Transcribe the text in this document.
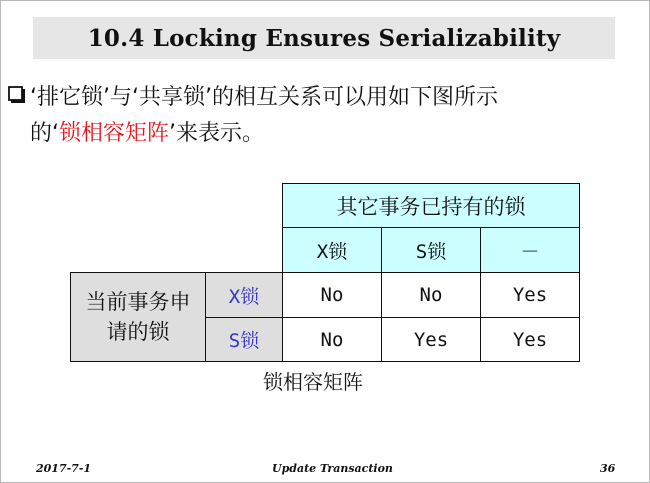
10.4 Locking Ensures Serializability
‘排它锁’与‘共享锁’的相互关系可以用如下图所示
的‘锁相容矩阵’来表示。
其它事务已持有的锁
X锁	S锁	－
当前事务申请的锁
X锁	No	No	Yes
S锁	No	Yes	Yes
锁相容矩阵
2017-7-1	Update Transaction	36
